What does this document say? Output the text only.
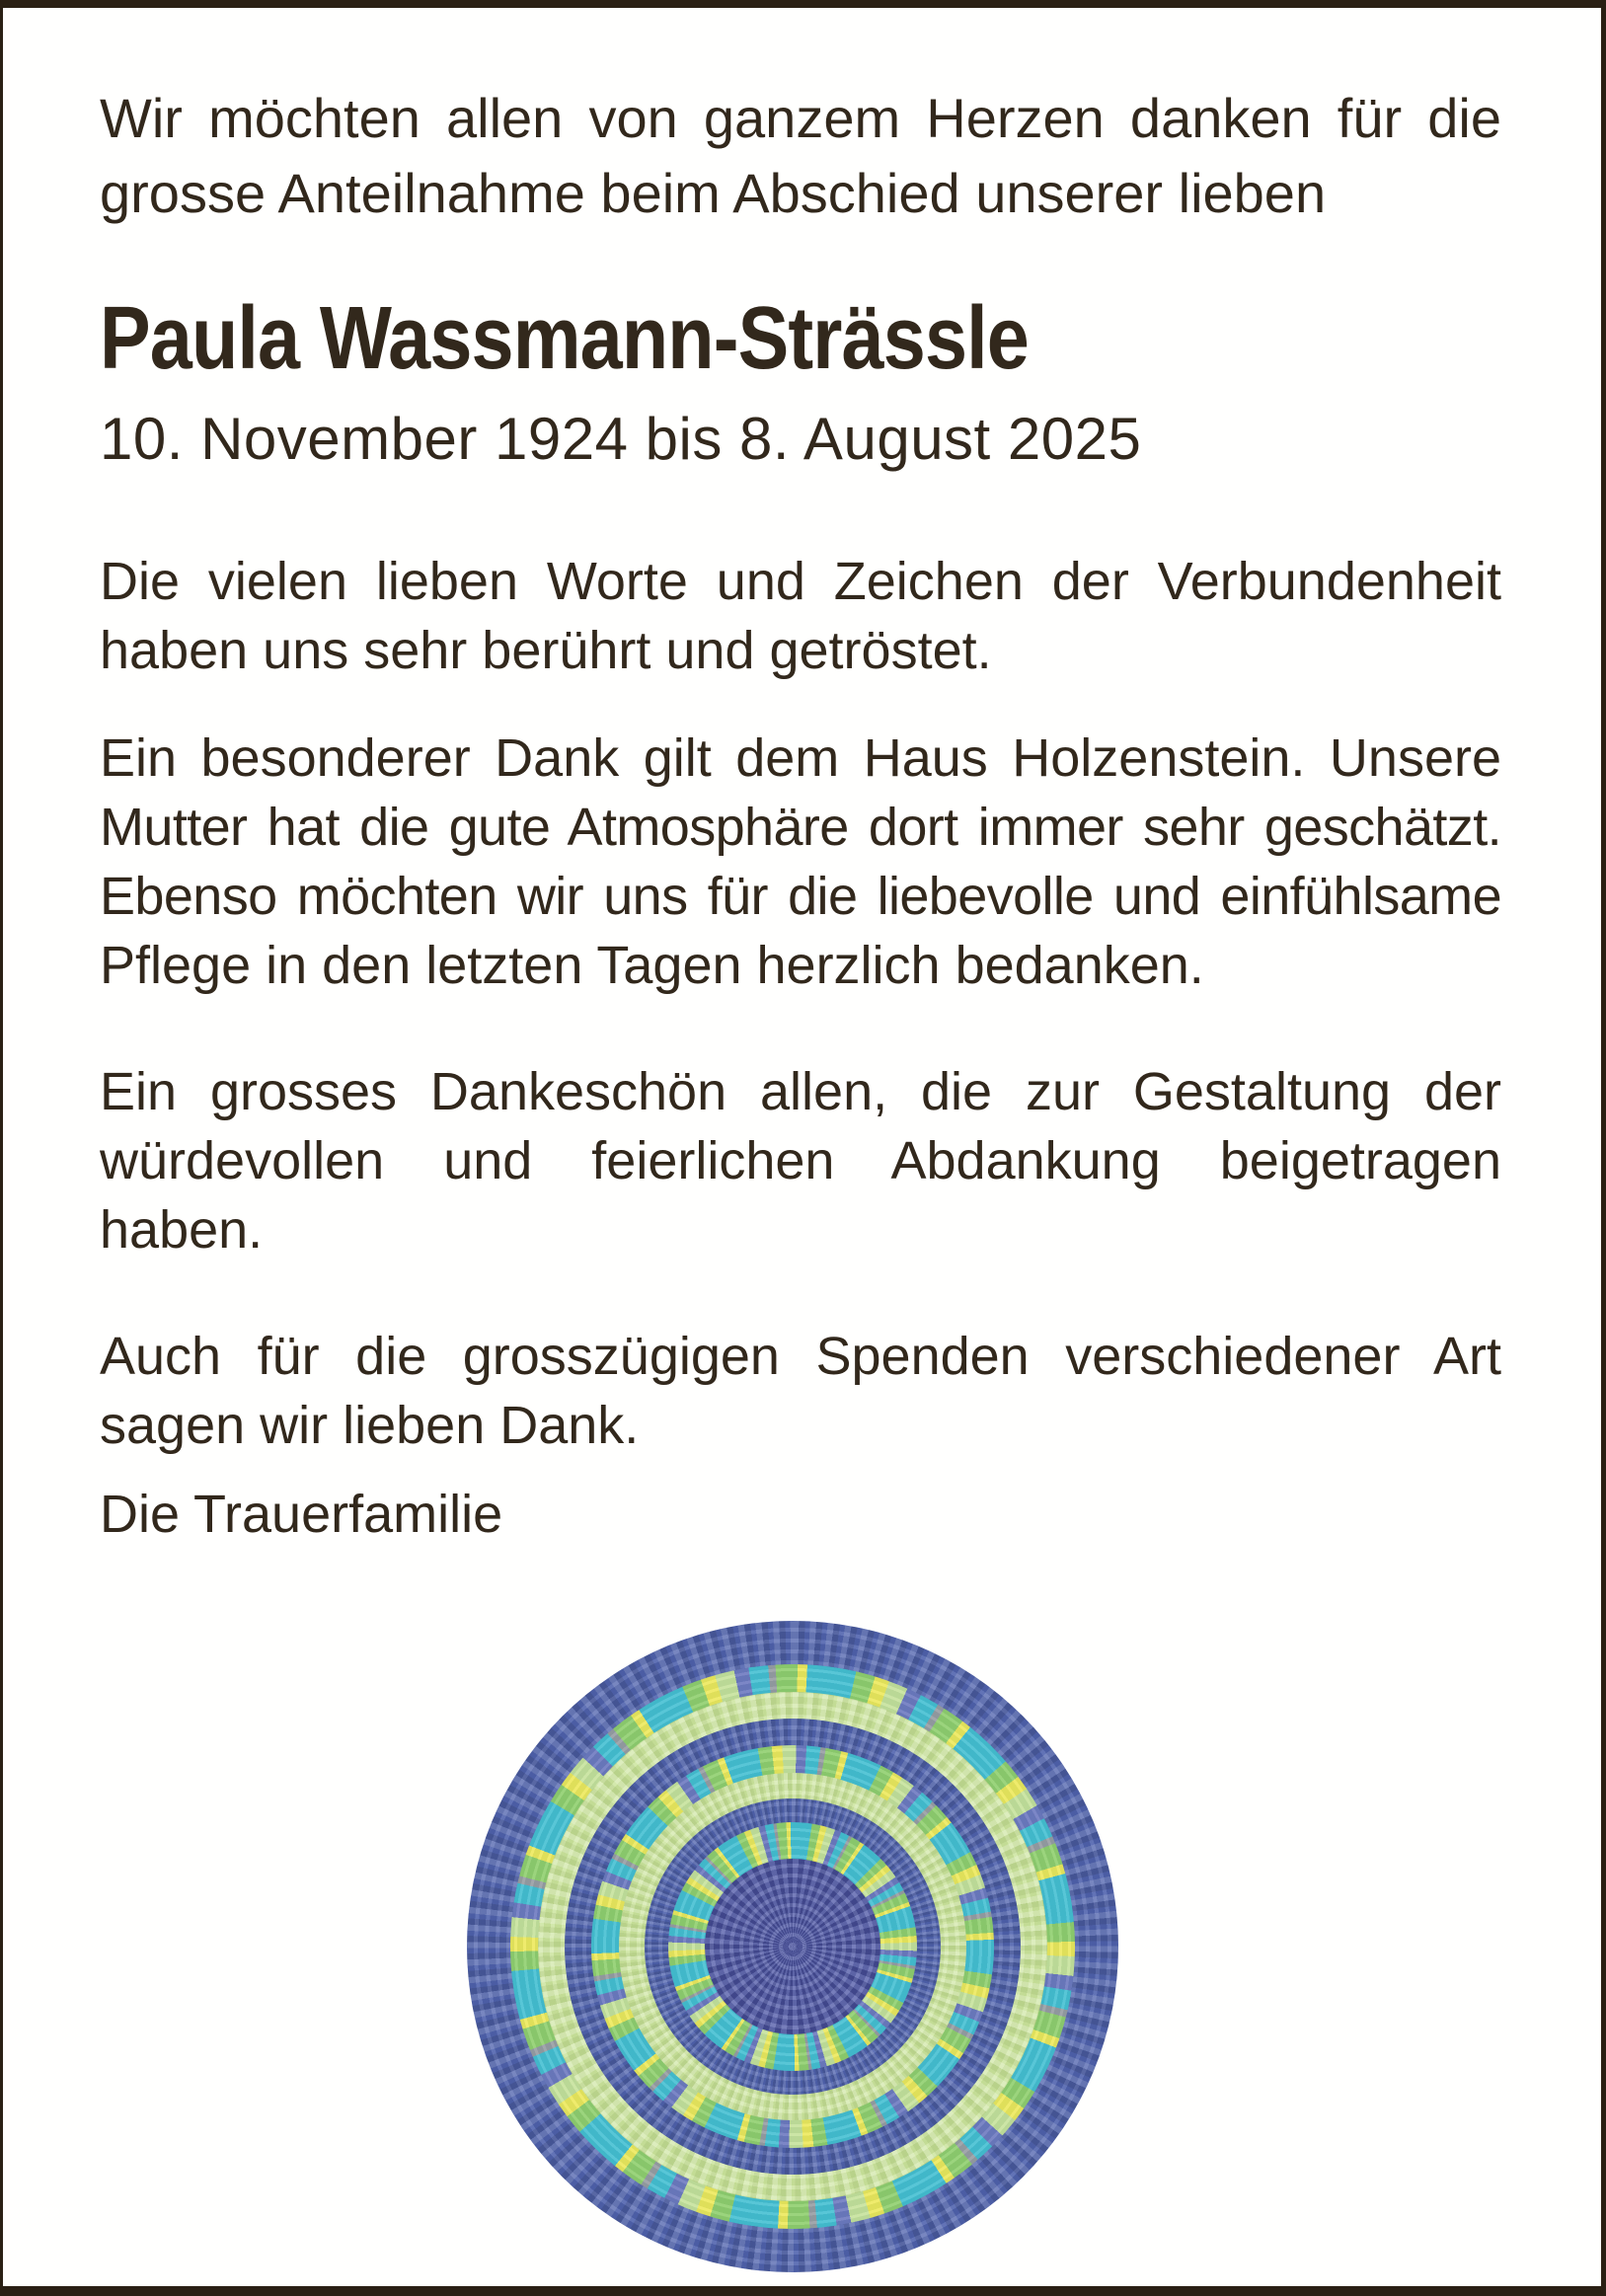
Wir möchten allen von ganzem Herzen danken für die
grosse Anteilnahme beim Abschied unserer lieben
Paula Wassmann-Strässle
10. November 1924 bis 8. August 2025
Die vielen lieben Worte und Zeichen der Verbundenheit
haben uns sehr berührt und getröstet.
Ein besonderer Dank gilt dem Haus Holzenstein. Unsere
Mutter hat die gute Atmosphäre dort immer sehr geschätzt.
Ebenso möchten wir uns für die liebevolle und einfühlsame
Pflege in den letzten Tagen herzlich bedanken.
Ein grosses Dankeschön allen, die zur Gestaltung der
würdevollen und feierlichen Abdankung beigetragen
haben.
Auch für die grosszügigen Spenden verschiedener Art
sagen wir lieben Dank.
Die Trauerfamilie
